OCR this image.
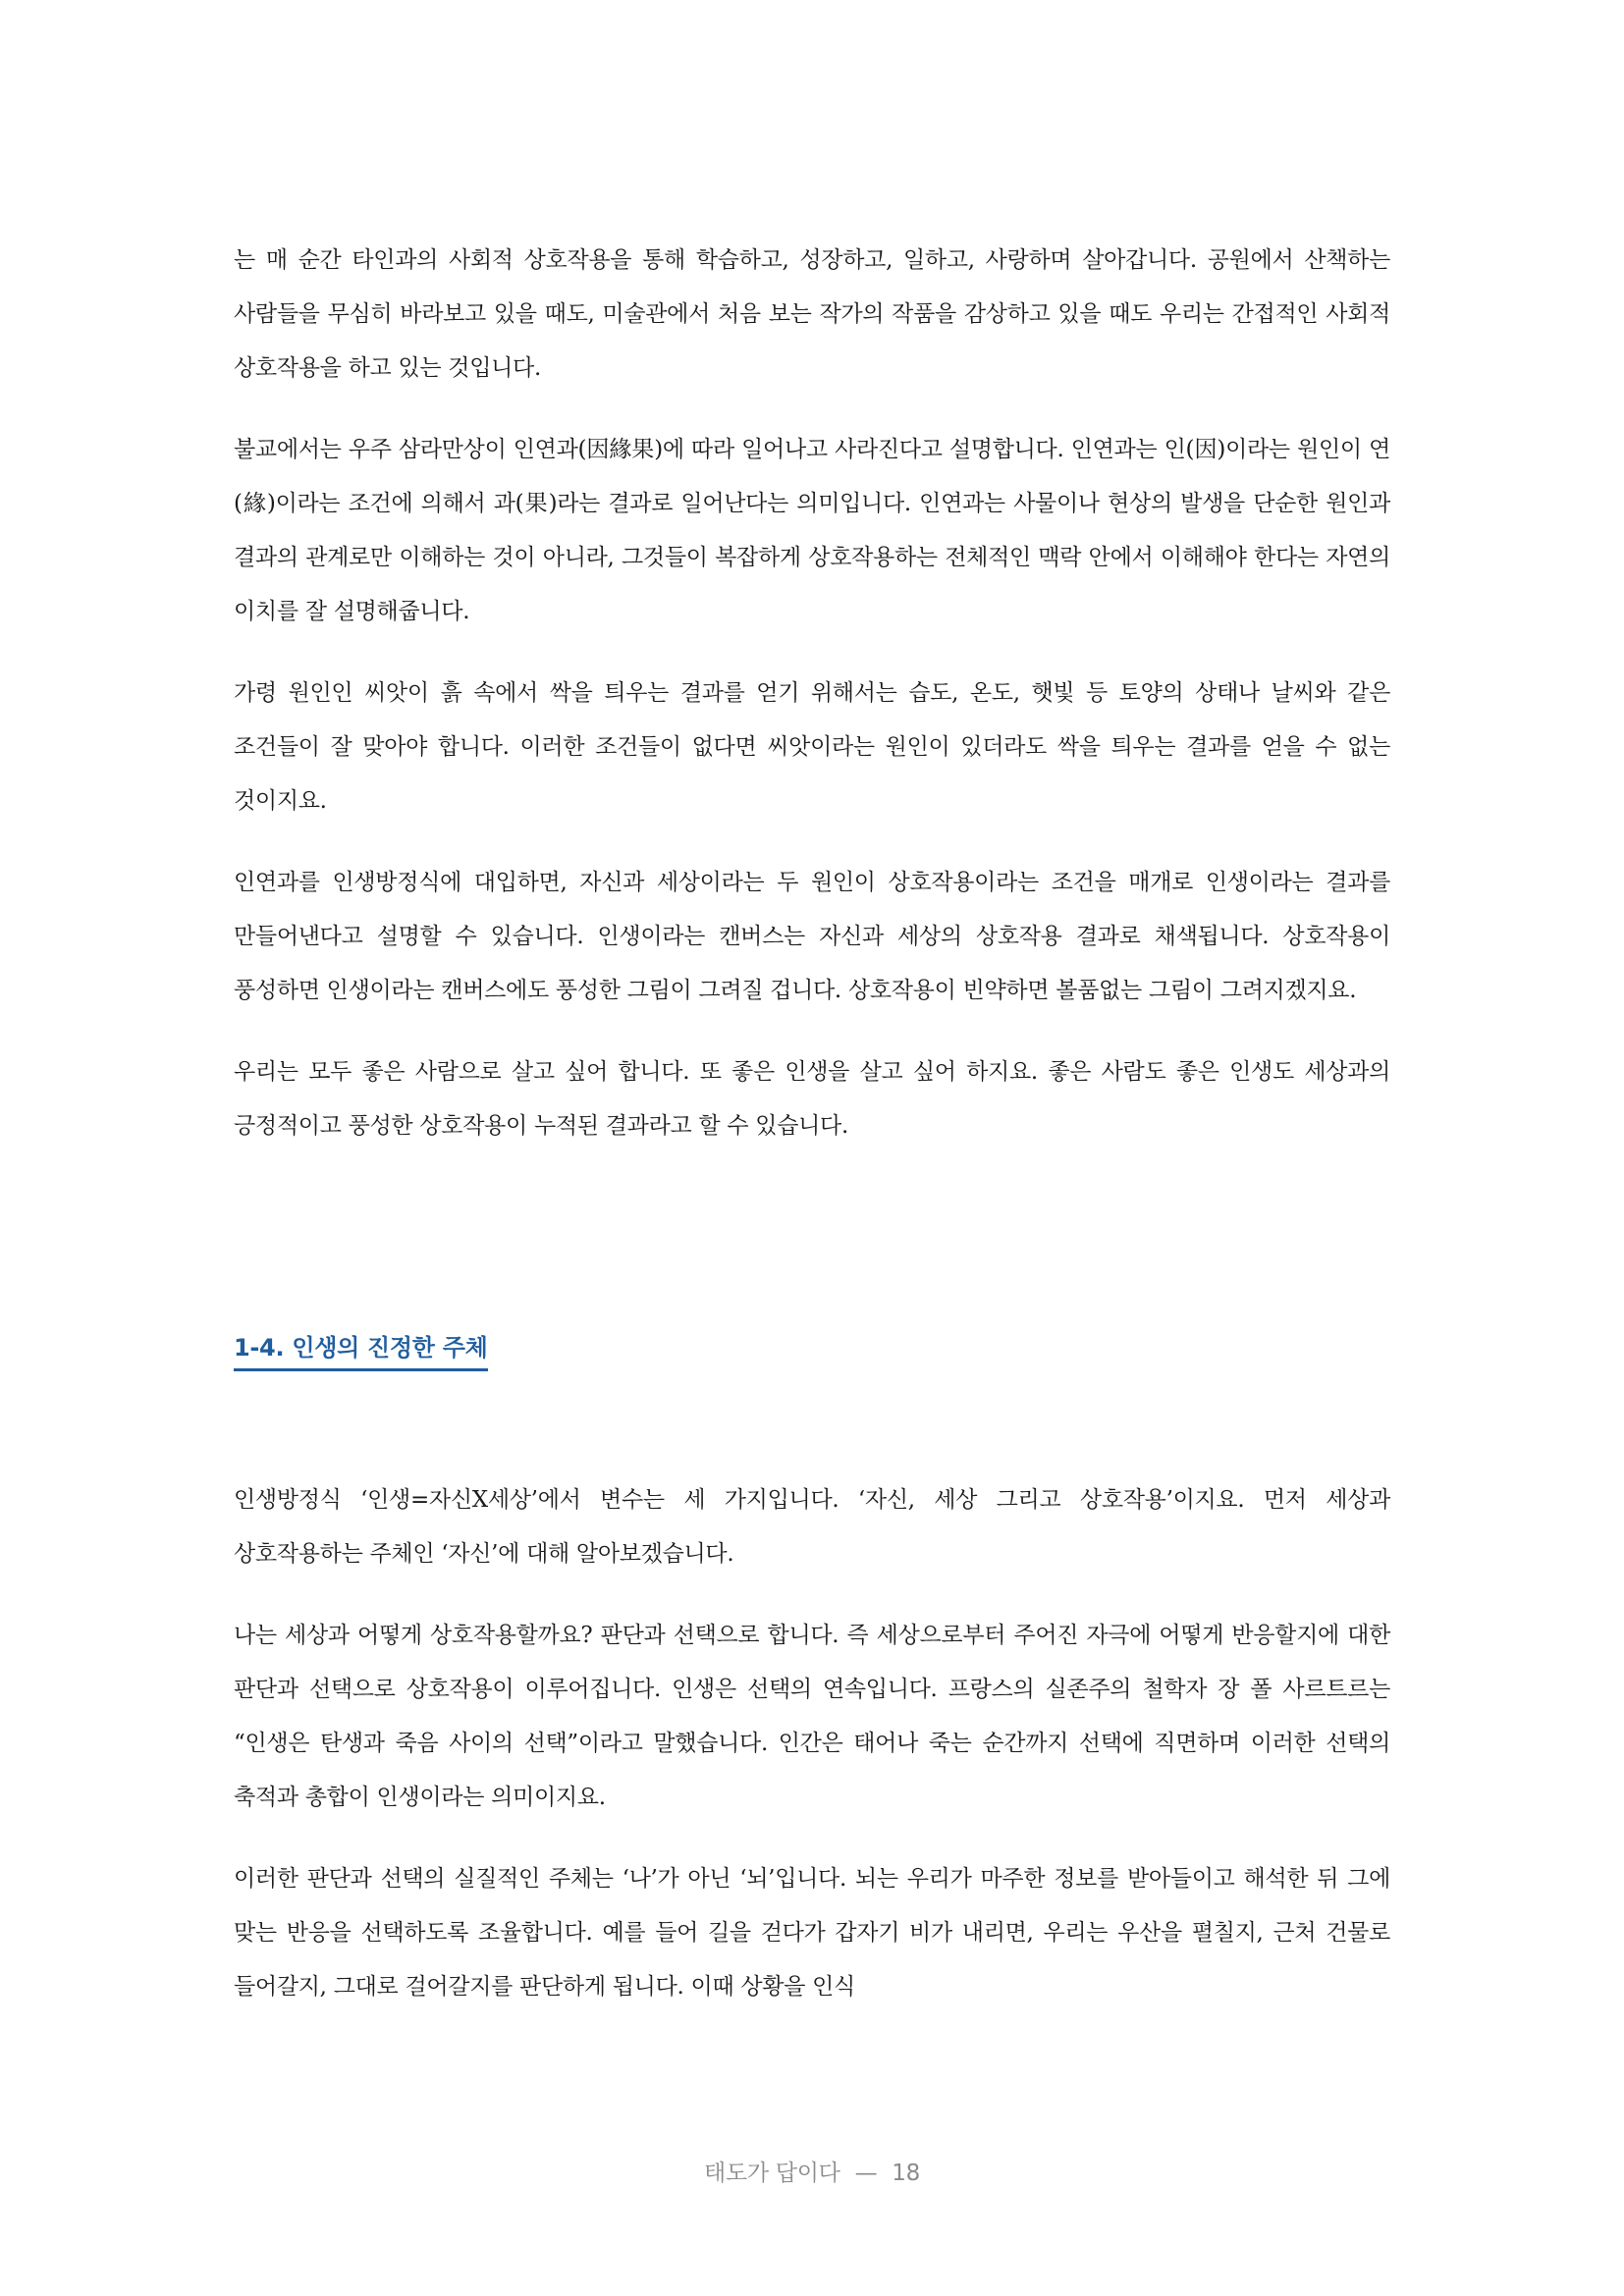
는 매 순간 타인과의 사회적 상호작용을 통해 학습하고, 성장하고, 일하고, 사랑하며 살아갑니다. 공원에서 산책하는 사람들을 무심히 바라보고 있을 때도, 미술관에서 처음 보는 작가의 작품을 감상하고 있을 때도 우리는 간접적인 사회적 상호작용을 하고 있는 것입니다.

불교에서는 우주 삼라만상이 인연과(因緣果)에 따라 일어나고 사라진다고 설명합니다. 인연과는 인(因)이라는 원인이 연(緣)이라는 조건에 의해서 과(果)라는 결과로 일어난다는 의미입니다. 인연과는 사물이나 현상의 발생을 단순한 원인과 결과의 관계로만 이해하는 것이 아니라, 그것들이 복잡하게 상호작용하는 전체적인 맥락 안에서 이해해야 한다는 자연의 이치를 잘 설명해줍니다.

가령 원인인 씨앗이 흙 속에서 싹을 틔우는 결과를 얻기 위해서는 습도, 온도, 햇빛 등 토양의 상태나 날씨와 같은 조건들이 잘 맞아야 합니다. 이러한 조건들이 없다면 씨앗이라는 원인이 있더라도 싹을 틔우는 결과를 얻을 수 없는 것이지요.

인연과를 인생방정식에 대입하면, 자신과 세상이라는 두 원인이 상호작용이라는 조건을 매개로 인생이라는 결과를 만들어낸다고 설명할 수 있습니다. 인생이라는 캔버스는 자신과 세상의 상호작용 결과로 채색됩니다. 상호작용이 풍성하면 인생이라는 캔버스에도 풍성한 그림이 그려질 겁니다. 상호작용이 빈약하면 볼품없는 그림이 그려지겠지요.

우리는 모두 좋은 사람으로 살고 싶어 합니다. 또 좋은 인생을 살고 싶어 하지요. 좋은 사람도 좋은 인생도 세상과의 긍정적이고 풍성한 상호작용이 누적된 결과라고 할 수 있습니다.

1-4. 인생의 진정한 주체

인생방정식 ‘인생=자신X세상’에서 변수는 세 가지입니다. ‘자신, 세상 그리고 상호작용’이지요. 먼저 세상과 상호작용하는 주체인 ‘자신’에 대해 알아보겠습니다.

나는 세상과 어떻게 상호작용할까요? 판단과 선택으로 합니다. 즉 세상으로부터 주어진 자극에 어떻게 반응할지에 대한 판단과 선택으로 상호작용이 이루어집니다. 인생은 선택의 연속입니다. 프랑스의 실존주의 철학자 장 폴 사르트르는 “인생은 탄생과 죽음 사이의 선택”이라고 말했습니다. 인간은 태어나 죽는 순간까지 선택에 직면하며 이러한 선택의 축적과 총합이 인생이라는 의미이지요.

이러한 판단과 선택의 실질적인 주체는 ‘나’가 아닌 ‘뇌’입니다. 뇌는 우리가 마주한 정보를 받아들이고 해석한 뒤 그에 맞는 반응을 선택하도록 조율합니다. 예를 들어 길을 걷다가 갑자기 비가 내리면, 우리는 우산을 펼칠지, 근처 건물로 들어갈지, 그대로 걸어갈지를 판단하게 됩니다. 이때 상황을 인식

태도가 답이다 — 18
